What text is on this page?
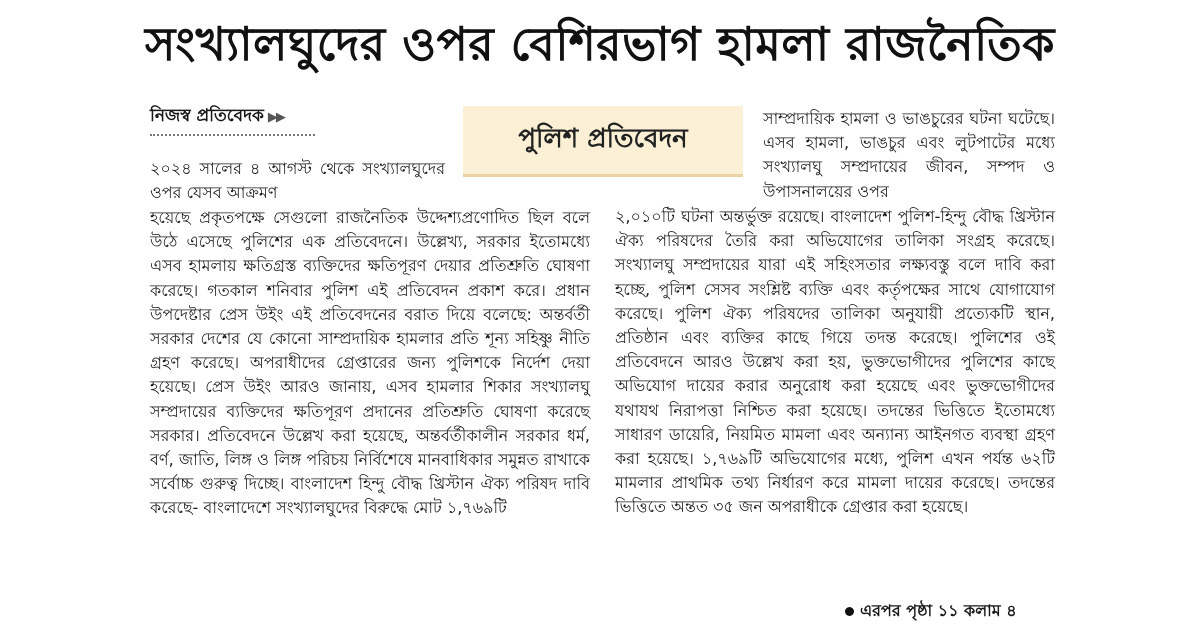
সংখ্যালঘুদের ওপর বেশিরভাগ হামলা রাজনৈতিক
নিজস্ব প্রতিবেদক ▶▶
পুলিশ প্রতিবেদন

২০২৪ সালের ৪ আগস্ট থেকে সংখ্যালঘুদের ওপর যেসব আক্রমণ

হয়েছে প্রকৃতপক্ষে সেগুলো রাজনৈতিক উদ্দেশ্যপ্রণোদিত ছিল বলে উঠে এসেছে পুলিশের এক প্রতিবেদনে। উল্লেখ্য, সরকার ইতোমধ্যে এসব হামলায় ক্ষতিগ্রস্ত ব্যক্তিদের ক্ষতিপূরণ দেয়ার প্রতিশ্রুতি ঘোষণা করেছে। গতকাল শনিবার পুলিশ এই প্রতিবেদন প্রকাশ করে। প্রধান উপদেষ্টার প্রেস উইং এই প্রতিবেদনের বরাত দিয়ে বলেছে: অন্তর্বর্তী সরকার দেশের যে কোনো সাম্প্রদায়িক হামলার প্রতি শূন্য সহিষ্ণু নীতি গ্রহণ করেছে। অপরাধীদের গ্রেপ্তারের জন্য পুলিশকে নির্দেশ দেয়া হয়েছে। প্রেস উইং আরও জানায়, এসব হামলার শিকার সংখ্যালঘু সম্প্রদায়ের ব্যক্তিদের ক্ষতিপূরণ প্রদানের প্রতিশ্রুতি ঘোষণা করেছে সরকার। প্রতিবেদনে উল্লেখ করা হয়েছে, অন্তর্বর্তীকালীন সরকার ধর্ম, বর্ণ, জাতি, লিঙ্গ ও লিঙ্গ পরিচয় নির্বিশেষে মানবাধিকার সমুন্নত রাখাকে সর্বোচ্চ গুরুত্ব দিচ্ছে। বাংলাদেশ হিন্দু বৌদ্ধ খ্রিস্টান ঐক্য পরিষদ দাবি করেছে- বাংলাদেশে সংখ্যালঘুদের বিরুদ্ধে মোট ১,৭৬৯টি

সাম্প্রদায়িক হামলা ও ভাঙচুরের ঘটনা ঘটেছে। এসব হামলা, ভাঙচুর এবং লুটপাটের মধ্যে সংখ্যালঘু সম্প্রদায়ের জীবন, সম্পদ ও উপাসনালয়ের ওপর

২,০১০টি ঘটনা অন্তর্ভুক্ত রয়েছে। বাংলাদেশ পুলিশ-হিন্দু বৌদ্ধ খ্রিস্টান ঐক্য পরিষদের তৈরি করা অভিযোগের তালিকা সংগ্রহ করেছে। সংখ্যালঘু সম্প্রদায়ের যারা এই সহিংসতার লক্ষ্যবস্তু বলে দাবি করা হচ্ছে, পুলিশ সেসব সংশ্লিষ্ট ব্যক্তি এবং কর্তৃপক্ষের সাথে যোগাযোগ করেছে। পুলিশ ঐক্য পরিষদের তালিকা অনুযায়ী প্রত্যেকটি স্থান, প্রতিষ্ঠান এবং ব্যক্তির কাছে গিয়ে তদন্ত করেছে। পুলিশের ওই প্রতিবেদনে আরও উল্লেখ করা হয়, ভুক্তভোগীদের পুলিশের কাছে অভিযোগ দায়ের করার অনুরোধ করা হয়েছে এবং ভুক্তভোগীদের যথাযথ নিরাপত্তা নিশ্চিত করা হয়েছে। তদন্তের ভিত্তিতে ইতোমধ্যে সাধারণ ডায়েরি, নিয়মিত মামলা এবং অন্যান্য আইনগত ব্যবস্থা গ্রহণ করা হয়েছে। ১,৭৬৯টি অভিযোগের মধ্যে, পুলিশ এখন পর্যন্ত ৬২টি মামলার প্রাথমিক তথ্য নির্ধারণ করে মামলা দায়ের করেছে। তদন্তের ভিত্তিতে অন্তত ৩৫ জন অপরাধীকে গ্রেপ্তার করা হয়েছে।

এরপর পৃষ্ঠা ১১ কলাম ৪
